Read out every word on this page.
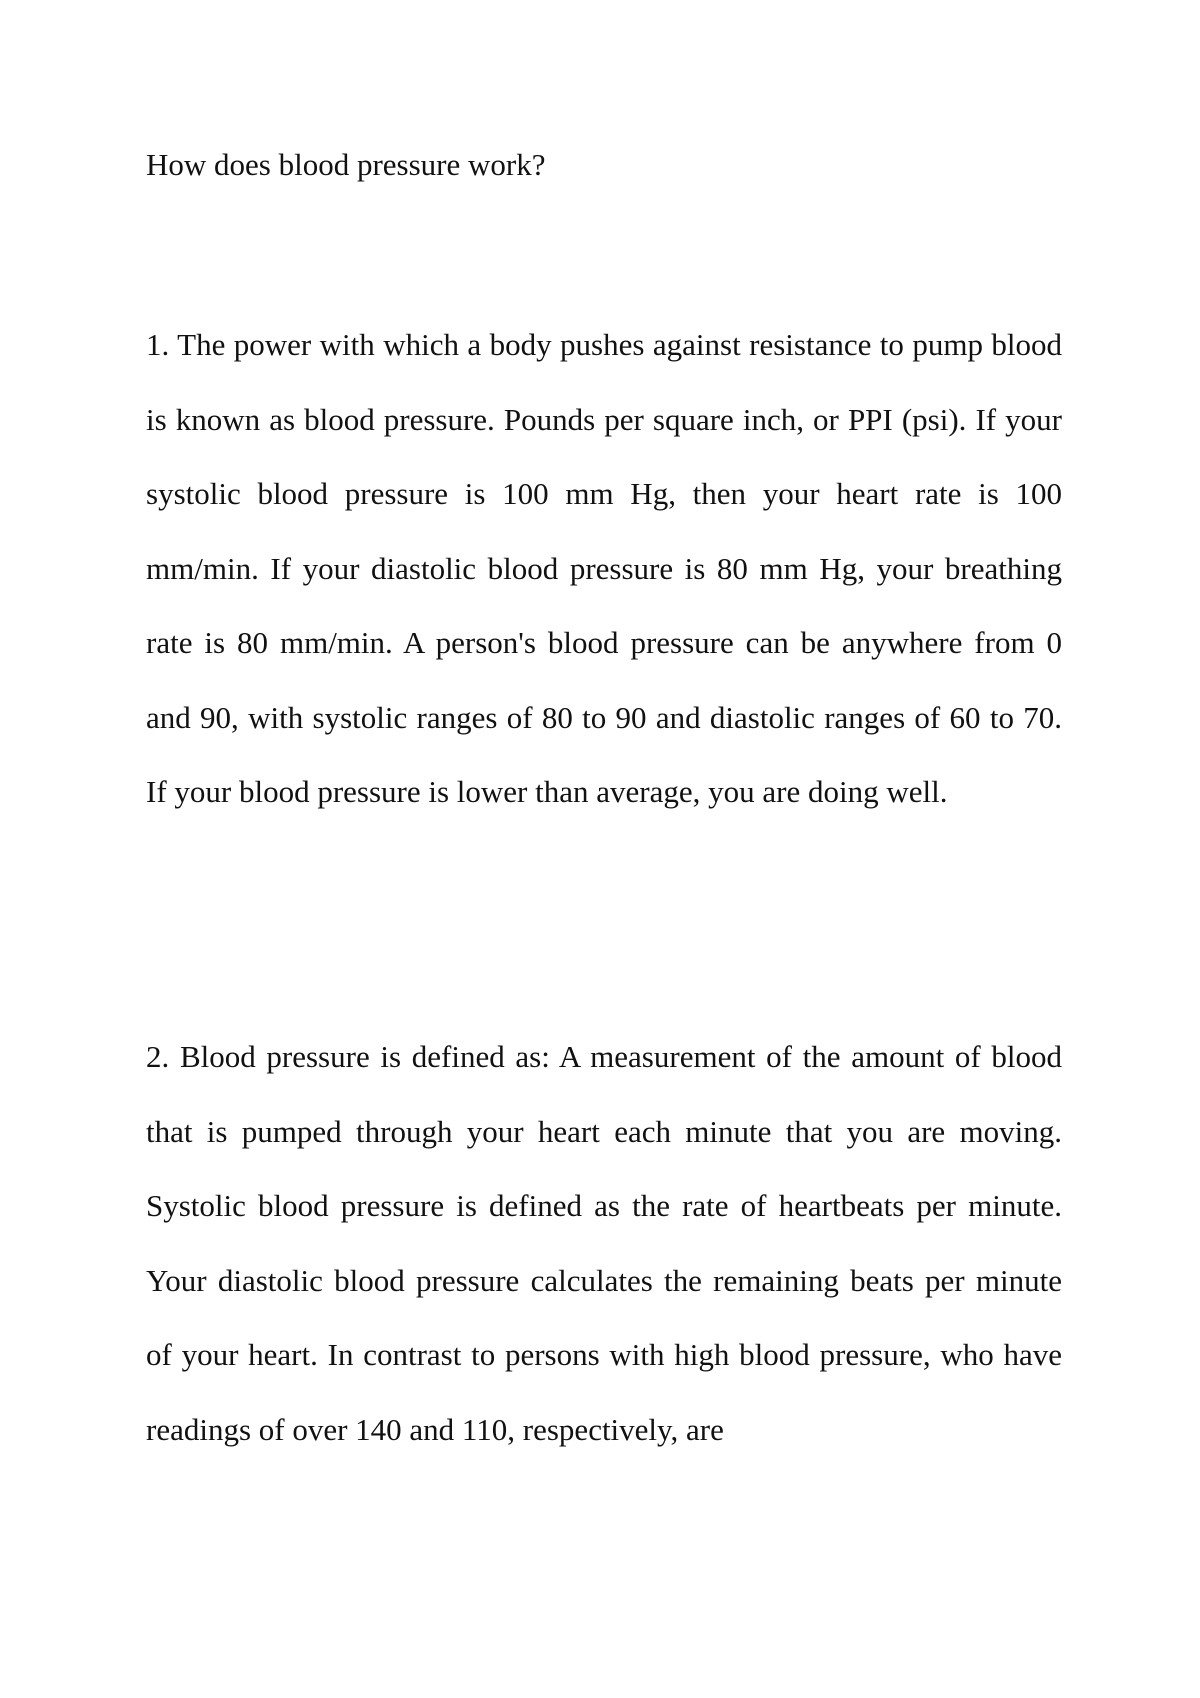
How does blood pressure work?

1. The power with which a body pushes against resistance to pump blood is known as blood pressure. Pounds per square inch, or PPI (psi). If your systolic blood pressure is 100 mm Hg, then your heart rate is 100 mm/min. If your diastolic blood pressure is 80 mm Hg, your breathing rate is 80 mm/min. A person's blood pressure can be anywhere from 0 and 90, with systolic ranges of 80 to 90 and diastolic ranges of 60 to 70. If your blood pressure is lower than average, you are doing well.

2. Blood pressure is defined as: A measurement of the amount of blood that is pumped through your heart each minute that you are moving. Systolic blood pressure is defined as the rate of heartbeats per minute. Your diastolic blood pressure calculates the remaining beats per minute of your heart. In contrast to persons with high blood pressure, who have readings of over 140 and 110, respectively, are
